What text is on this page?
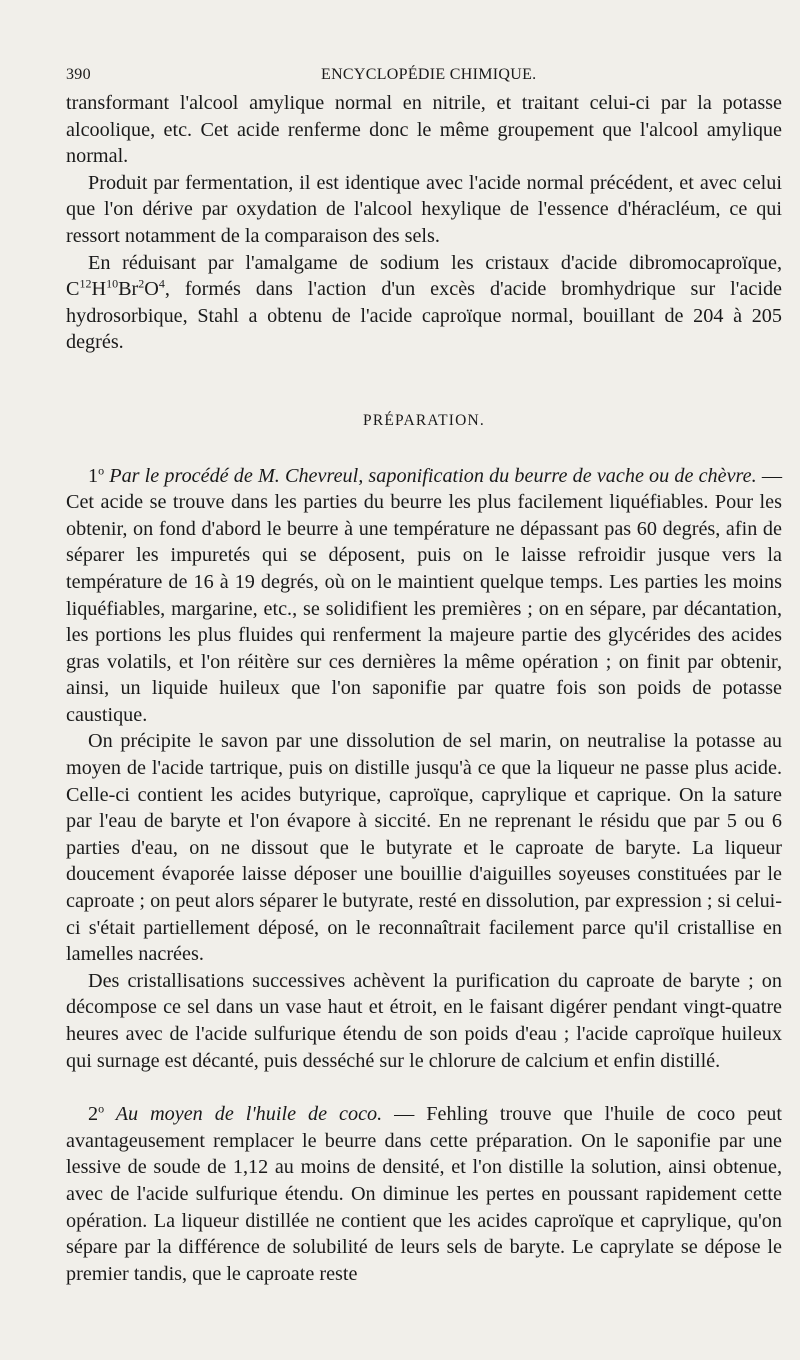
390	ENCYCLOPÉDIE CHIMIQUE.

transformant l'alcool amylique normal en nitrile, et traitant celui-ci par la potasse alcoolique, etc. Cet acide renferme donc le même groupement que l'alcool amylique normal.

Produit par fermentation, il est identique avec l'acide normal précédent, et avec celui que l'on dérive par oxydation de l'alcool hexylique de l'essence d'héracléum, ce qui ressort notamment de la comparaison des sels.

En réduisant par l'amalgame de sodium les cristaux d'acide dibromocaproïque, $C^{12}H^{10}Br^2O^4$, formés dans l'action d'un excès d'acide bromhydrique sur l'acide hydrosorbique, Stahl a obtenu de l'acide caproïque normal, bouillant de 204 à 205 degrés.

PRÉPARATION.

1$^o$ Par le procédé de M. Chevreul, saponification du beurre de vache ou de chèvre. — Cet acide se trouve dans les parties du beurre les plus facilement liquéfiables. Pour les obtenir, on fond d'abord le beurre à une température ne dépassant pas 60 degrés, afin de séparer les impuretés qui se déposent, puis on le laisse refroidir jusque vers la température de 16 à 19 degrés, où on le maintient quelque temps. Les parties les moins liquéfiables, margarine, etc., se solidifient les premières ; on en sépare, par décantation, les portions les plus fluides qui renferment la majeure partie des glycérides des acides gras volatils, et l'on réitère sur ces dernières la même opération ; on finit par obtenir, ainsi, un liquide huileux que l'on saponifie par quatre fois son poids de potasse caustique.

On précipite le savon par une dissolution de sel marin, on neutralise la potasse au moyen de l'acide tartrique, puis on distille jusqu'à ce que la liqueur ne passe plus acide. Celle-ci contient les acides butyrique, caproïque, caprylique et caprique. On la sature par l'eau de baryte et l'on évapore à siccité. En ne reprenant le résidu que par 5 ou 6 parties d'eau, on ne dissout que le butyrate et le caproate de baryte. La liqueur doucement évaporée laisse déposer une bouillie d'aiguilles soyeuses constituées par le caproate ; on peut alors séparer le butyrate, resté en dissolution, par expression ; si celui-ci s'était partiellement déposé, on le reconnaîtrait facilement parce qu'il cristallise en lamelles nacrées.

Des cristallisations successives achèvent la purification du caproate de baryte ; on décompose ce sel dans un vase haut et étroit, en le faisant digérer pendant vingt-quatre heures avec de l'acide sulfurique étendu de son poids d'eau ; l'acide caproïque huileux qui surnage est décanté, puis desséché sur le chlorure de calcium et enfin distillé.

2$^o$ Au moyen de l'huile de coco. — Fehling trouve que l'huile de coco peut avantageusement remplacer le beurre dans cette préparation. On le saponifie par une lessive de soude de 1,12 au moins de densité, et l'on distille la solution, ainsi obtenue, avec de l'acide sulfurique étendu. On diminue les pertes en poussant rapidement cette opération. La liqueur distillée ne contient que les acides caproïque et caprylique, qu'on sépare par la différence de solubilité de leurs sels de baryte. Le caprylate se dépose le premier tandis, que le caproate reste
